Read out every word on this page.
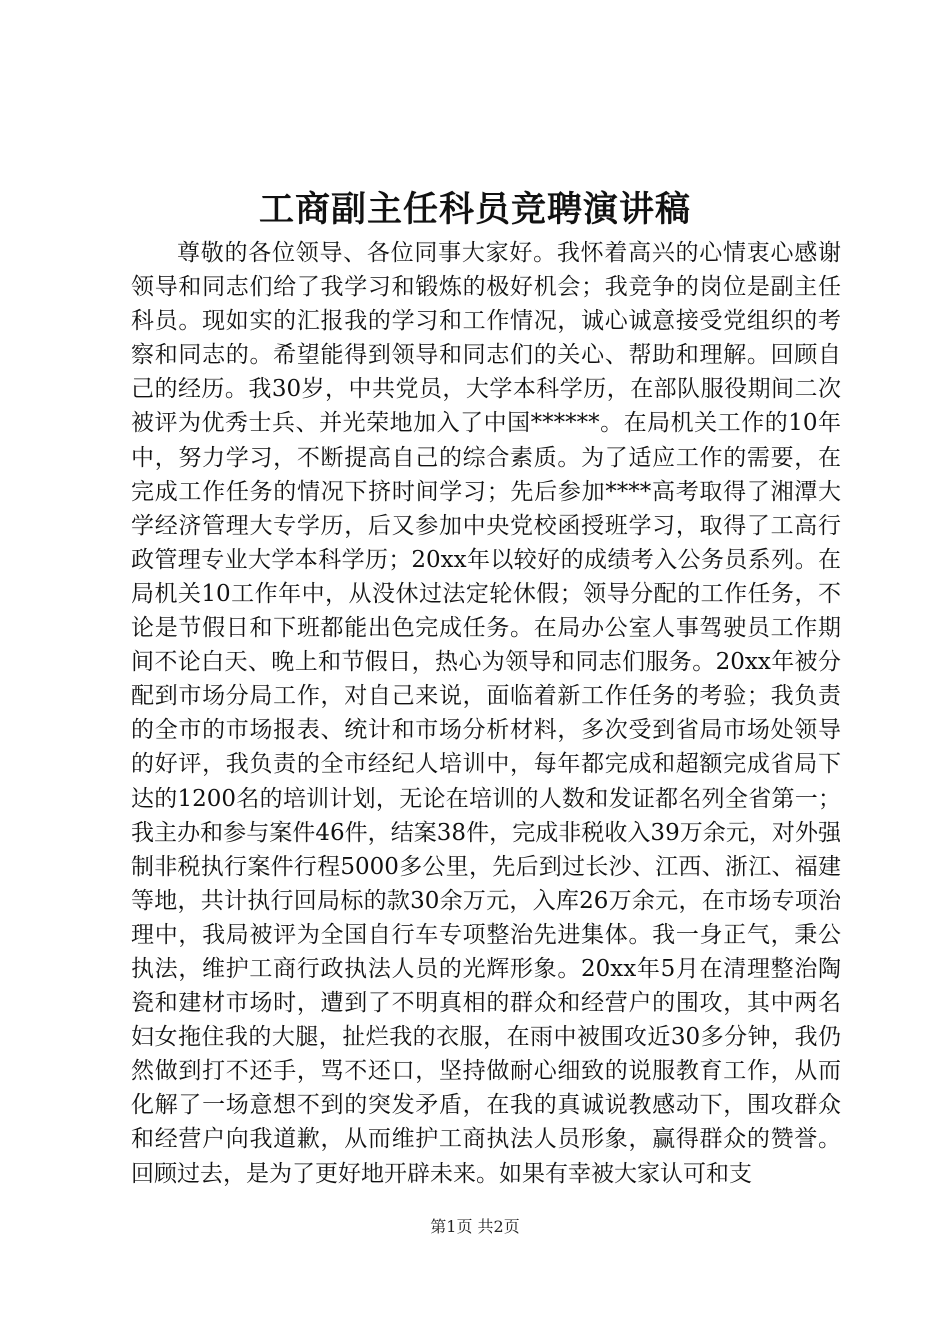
工商副主任科员竞聘演讲稿

尊敬的各位领导、各位同事大家好。我怀着高兴的心情衷心感谢领导和同志们给了我学习和锻炼的极好机会；我竞争的岗位是副主任科员。现如实的汇报我的学习和工作情况，诚心诚意接受党组织的考察和同志的。希望能得到领导和同志们的关心、帮助和理解。回顾自己的经历。我30岁，中共党员，大学本科学历，在部队服役期间二次被评为优秀士兵、并光荣地加入了中国******。在局机关工作的10年中，努力学习，不断提高自己的综合素质。为了适应工作的需要，在完成工作任务的情况下挤时间学习；先后参加****高考取得了湘潭大学经济管理大专学历，后又参加中央党校函授班学习，取得了工高行政管理专业大学本科学历；20xx年以较好的成绩考入公务员系列。在局机关10工作年中，从没休过法定轮休假；领导分配的工作任务，不论是节假日和下班都能出色完成任务。在局办公室人事驾驶员工作期间不论白天、晚上和节假日，热心为领导和同志们服务。20xx年被分配到市场分局工作，对自己来说，面临着新工作任务的考验；我负责的全市的市场报表、统计和市场分析材料，多次受到省局市场处领导的好评，我负责的全市经纪人培训中，每年都完成和超额完成省局下达的1200名的培训计划，无论在培训的人数和发证都名列全省第一；我主办和参与案件46件，结案38件，完成非税收入39万余元，对外强制非税执行案件行程5000多公里，先后到过长沙、江西、浙江、福建等地，共计执行回局标的款30余万元，入库26万余元，在市场专项治理中，我局被评为全国自行车专项整治先进集体。我一身正气，秉公执法，维护工商行政执法人员的光辉形象。20xx年5月在清理整治陶瓷和建材市场时，遭到了不明真相的群众和经营户的围攻，其中两名妇女拖住我的大腿，扯烂我的衣服，在雨中被围攻近30多分钟，我仍然做到打不还手，骂不还口，坚持做耐心细致的说服教育工作，从而化解了一场意想不到的突发矛盾，在我的真诚说教感动下，围攻群众和经营户向我道歉，从而维护工商执法人员形象，赢得群众的赞誉。回顾过去，是为了更好地开辟未来。如果有幸被大家认可和支

第1页 共2页
